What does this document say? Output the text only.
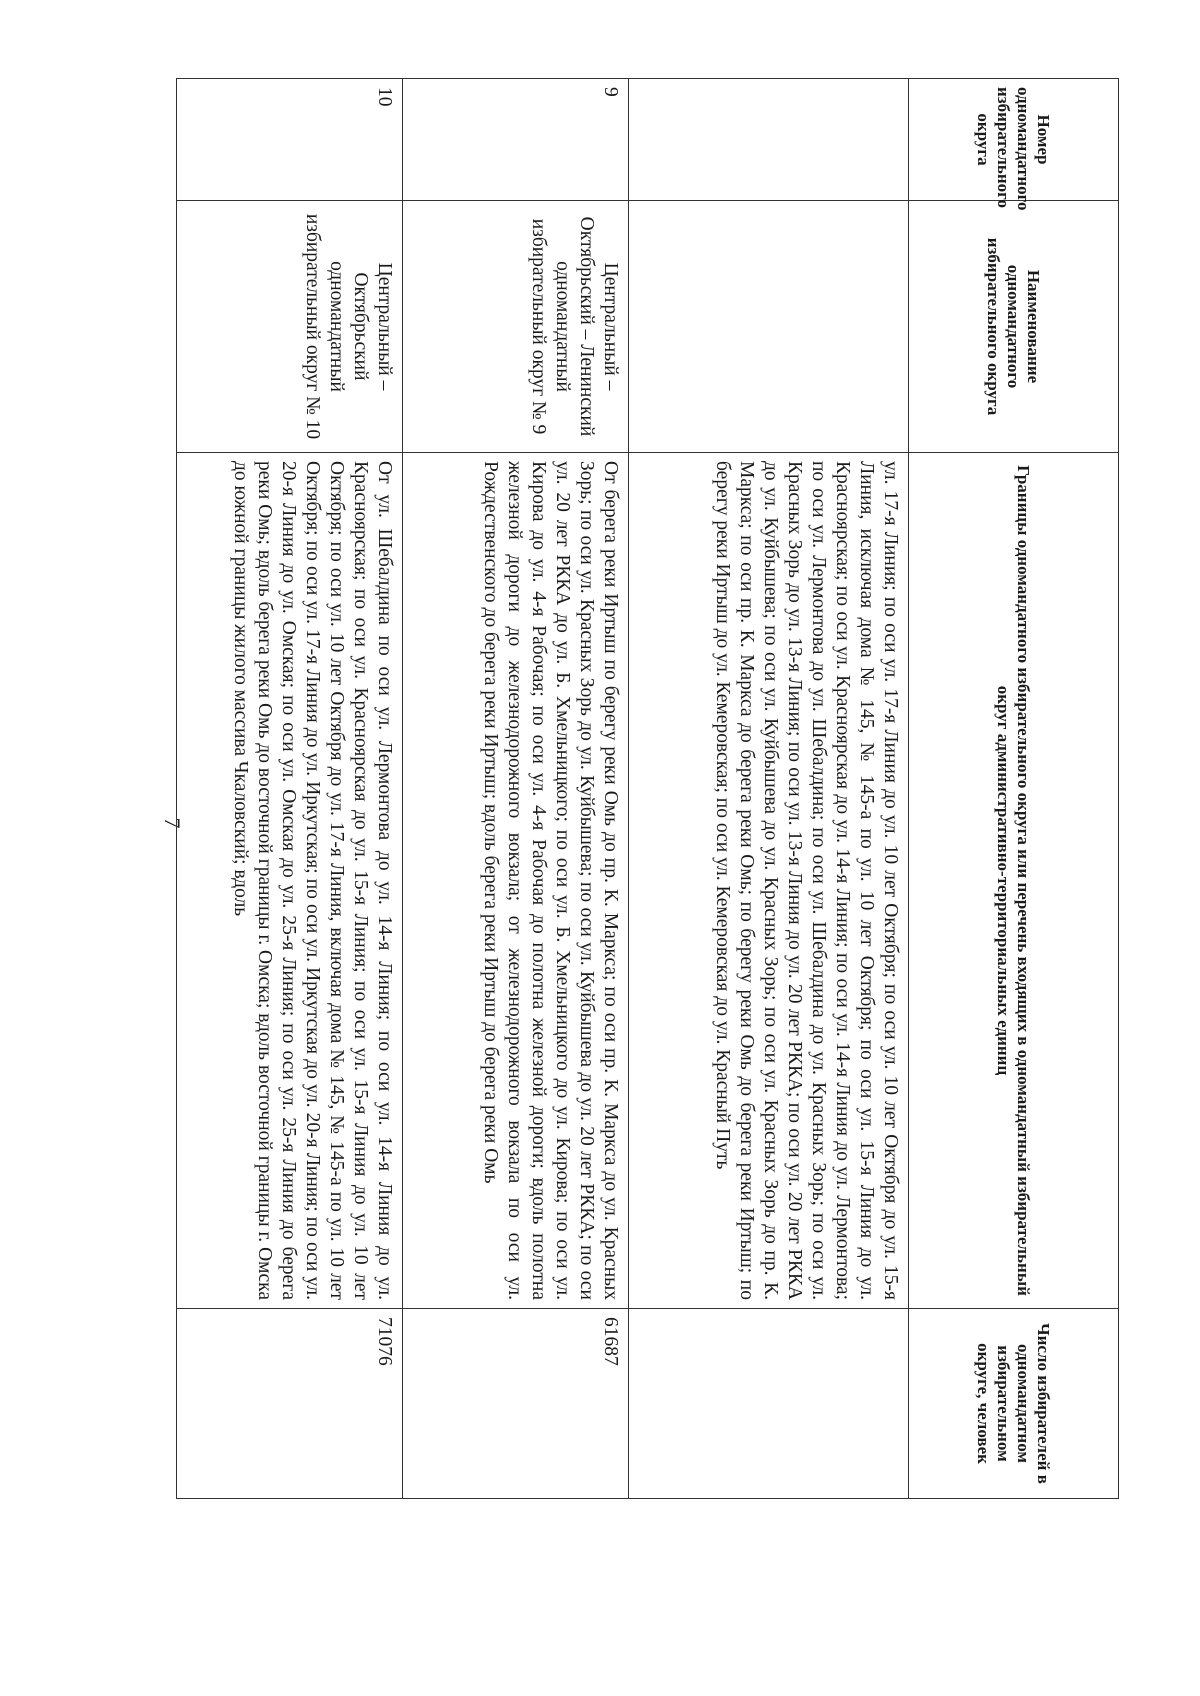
7
Номер одномандатного избирательного округа	Наименование одномандатного избирательного округа	Границы одномандатного избирательного округа или перечень входящих в одномандатный избирательный округ административно-территориальных единиц	Число избирателей в одномандатном избирательном округе, человек
		ул. 17-я Линия; по оси ул. 17-я Линия до ул. 10 лет Октября; по оси ул. 10 лет Октября до ул. 15-я Линия, исключая дома № 145, № 145-а по ул. 10 лет Октября; по оси ул. 15-я Линия до ул. Красноярская; по оси ул. Красноярская до ул. 14-я Линия; по оси ул. 14-я Линия до ул. Лермонтова; по оси ул. Лермонтова до ул. Шебалдина; по оси ул. Шебалдина до ул. Красных Зорь; по оси ул. Красных Зорь до ул. 13-я Линия; по оси ул. 13-я Линия до ул. 20 лет РККА; по оси ул. 20 лет РККА до ул. Куйбышева; по оси ул. Куйбышева до ул. Красных Зорь; по оси ул. Красных Зорь до пр. К. Маркса; по оси пр. К. Маркса до берега реки Омь; по берегу реки Омь до берега реки Иртыш; по берегу реки Иртыш до ул. Кемеровская; по оси ул. Кемеровская до ул. Красный Путь	
9	Центральный – Октябрьский – Ленинский одномандатный избирательный округ № 9	От берега реки Иртыш по берегу реки Омь до пр. К. Маркса; по оси пр. К. Маркса до ул. Красных Зорь; по оси ул. Красных Зорь до ул. Куйбышева; по оси ул. Куйбышева до ул. 20 лет РККА; по оси ул. 20 лет РККА до ул. Б. Хмельницкого; по оси ул. Б. Хмельницкого до ул. Кирова; по оси ул. Кирова до ул. 4-я Рабочая; по оси ул. 4-я Рабочая до полотна железной дороги; вдоль полотна железной дороги до железнодорожного вокзала; от железнодорожного вокзала по оси ул. Рождественского до берега реки Иртыш; вдоль берега реки Иртыш до берега реки Омь	61687
10	Центральный – Октябрьский одномандатный избирательный округ № 10	От ул. Шебалдина по оси ул. Лермонтова до ул. 14-я Линия; по оси ул. 14-я Линия до ул. Красноярская; по оси ул. Красноярская до ул. 15-я Линия; по оси ул. 15-я Линия до ул. 10 лет Октября; по оси ул. 10 лет Октября до ул. 17-я Линия, включая дома № 145, № 145-а по ул. 10 лет Октября; по оси ул. 17-я Линия до ул. Иркутская; по оси ул. Иркутская до ул. 20-я Линия; по оси ул. 20-я Линия до ул. Омская; по оси ул. Омская до ул. 25-я Линия; по оси ул. 25-я Линия до берега реки Омь; вдоль берега реки Омь до восточной границы г. Омска; вдоль восточной границы г. Омска до южной границы жилого массива Чкаловский; вдоль	71076
